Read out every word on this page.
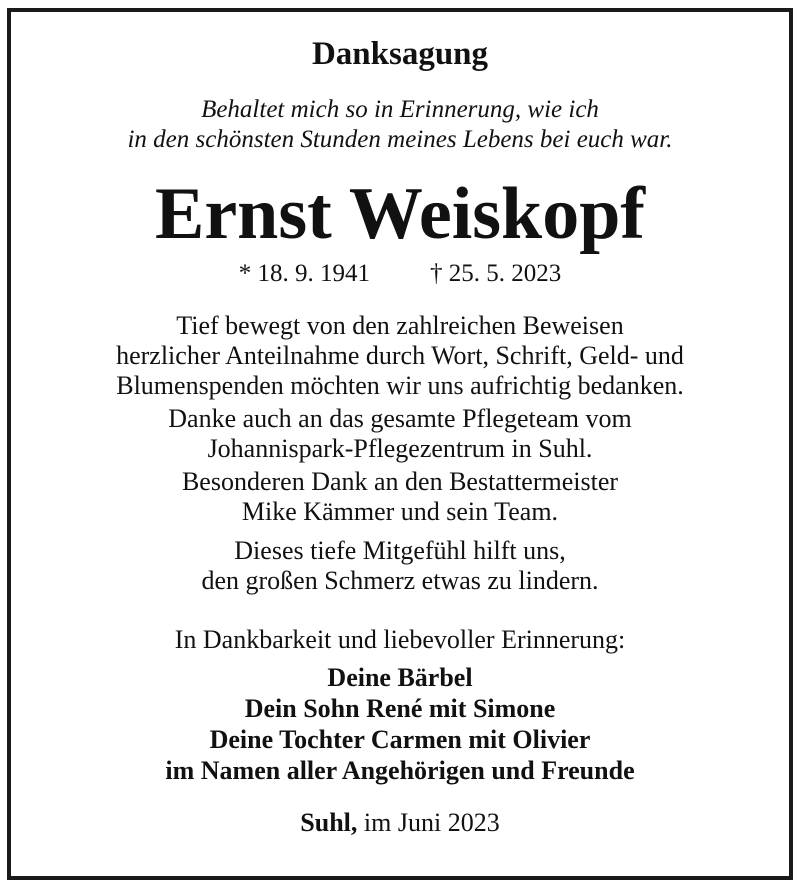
Danksagung
Behaltet mich so in Erinnerung, wie ich
in den schönsten Stunden meines Lebens bei euch war.
Ernst Weiskopf
* 18. 9. 1941 † 25. 5. 2023
Tief bewegt von den zahlreichen Beweisen
herzlicher Anteilnahme durch Wort, Schrift, Geld- und
Blumenspenden möchten wir uns aufrichtig bedanken.
Danke auch an das gesamte Pflegeteam vom
Johannispark-Pflegezentrum in Suhl.
Besonderen Dank an den Bestattermeister
Mike Kämmer und sein Team.
Dieses tiefe Mitgefühl hilft uns,
den großen Schmerz etwas zu lindern.
In Dankbarkeit und liebevoller Erinnerung:
Deine Bärbel
Dein Sohn René mit Simone
Deine Tochter Carmen mit Olivier
im Namen aller Angehörigen und Freunde
Suhl, im Juni 2023
